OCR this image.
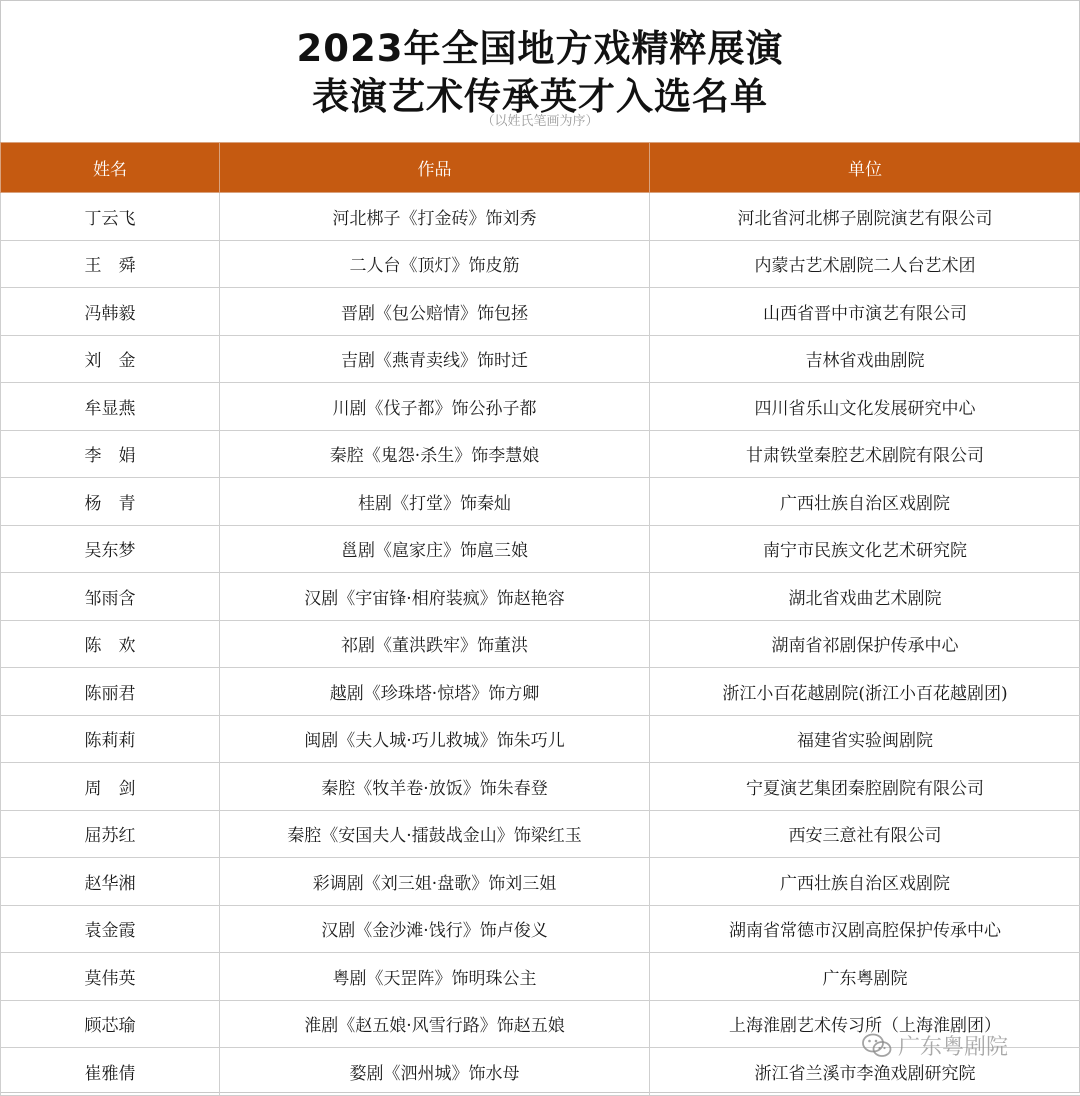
2023年全国地方戏精粹展演
表演艺术传承英才入选名单
（以姓氏笔画为序）
姓名	作品	单位
丁云飞	河北梆子《打金砖》饰刘秀	河北省河北梆子剧院演艺有限公司
王　舜	二人台《顶灯》饰皮筋	内蒙古艺术剧院二人台艺术团
冯韩毅	晋剧《包公赔情》饰包拯	山西省晋中市演艺有限公司
刘　金	吉剧《燕青卖线》饰时迁	吉林省戏曲剧院
牟显燕	川剧《伐子都》饰公孙子都	四川省乐山文化发展研究中心
李　娟	秦腔《鬼怨·杀生》饰李慧娘	甘肃铁堂秦腔艺术剧院有限公司
杨　青	桂剧《打堂》饰秦灿	广西壮族自治区戏剧院
吴东梦	邕剧《扈家庄》饰扈三娘	南宁市民族文化艺术研究院
邹雨含	汉剧《宇宙锋·相府装疯》饰赵艳容	湖北省戏曲艺术剧院
陈　欢	祁剧《董洪跌牢》饰董洪	湖南省祁剧保护传承中心
陈丽君	越剧《珍珠塔·惊塔》饰方卿	浙江小百花越剧院(浙江小百花越剧团)
陈莉莉	闽剧《夫人城·巧儿救城》饰朱巧儿	福建省实验闽剧院
周　剑	秦腔《牧羊卷·放饭》饰朱春登	宁夏演艺集团秦腔剧院有限公司
屈苏红	秦腔《安国夫人·擂鼓战金山》饰梁红玉	西安三意社有限公司
赵华湘	彩调剧《刘三姐·盘歌》饰刘三姐	广西壮族自治区戏剧院
袁金霞	汉剧《金沙滩·饯行》饰卢俊义	湖南省常德市汉剧高腔保护传承中心
莫伟英	粤剧《天罡阵》饰明珠公主	广东粤剧院
顾芯瑜	淮剧《赵五娘·风雪行路》饰赵五娘	上海淮剧艺术传习所（上海淮剧团）
崔雅倩	婺剧《泗州城》饰水母	浙江省兰溪市李渔戏剧研究院
广东粤剧院
